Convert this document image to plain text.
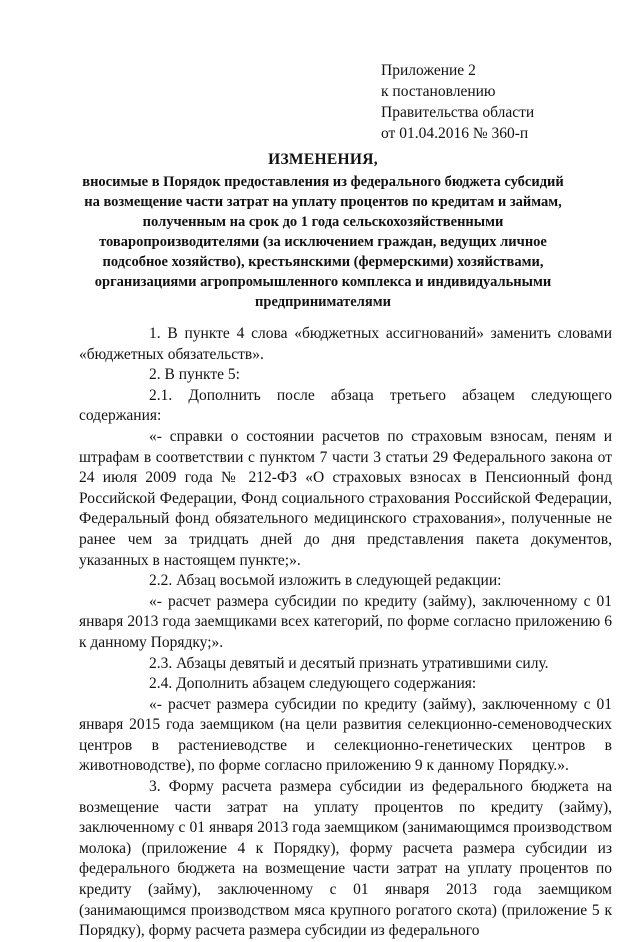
Приложение 2
к постановлению
Правительства области
от 01.04.2016 № 360-п
ИЗМЕНЕНИЯ,
вносимые в Порядок предоставления из федерального бюджета субсидий на возмещение части затрат на уплату процентов по кредитам и займам, полученным на срок до 1 года сельскохозяйственными товаропроизводителями (за исключением граждан, ведущих личное подсобное хозяйство), крестьянскими (фермерскими) хозяйствами, организациями агропромышленного комплекса и индивидуальными предпринимателями

1. В пункте 4 слова «бюджетных ассигнований» заменить словами «бюджетных обязательств».

2. В пункте 5:

2.1. Дополнить после абзаца третьего абзацем следующего содержания:

«- справки о состоянии расчетов по страховым взносам, пеням и штрафам в соответствии с пунктом 7 части 3 статьи 29 Федерального закона от 24 июля 2009 года № 212-ФЗ «О страховых взносах в Пенсионный фонд Российской Федерации, Фонд социального страхования Российской Федерации, Федеральный фонд обязательного медицинского страхования», полученные не ранее чем за тридцать дней до дня представления пакета документов, указанных в настоящем пункте;».

2.2. Абзац восьмой изложить в следующей редакции:

«- расчет размера субсидии по кредиту (займу), заключенному с 01 января 2013 года заемщиками всех категорий, по форме согласно приложению 6 к данному Порядку;».

2.3. Абзацы девятый и десятый признать утратившими силу.

2.4. Дополнить абзацем следующего содержания:

«- расчет размера субсидии по кредиту (займу), заключенному с 01 января 2015 года заемщиком (на цели развития селекционно-семеноводческих центров в растениеводстве и селекционно-генетических центров в животноводстве), по форме согласно приложению 9 к данному Порядку.».

3. Форму расчета размера субсидии из федерального бюджета на возмещение части затрат на уплату процентов по кредиту (займу), заключенному с 01 января 2013 года заемщиком (занимающимся производством молока) (приложение 4 к Порядку), форму расчета размера субсидии из федерального бюджета на возмещение части затрат на уплату процентов по кредиту (займу), заключенному с 01 января 2013 года заемщиком (занимающимся производством мяса крупного рогатого скота) (приложение 5 к Порядку), форму расчета размера субсидии из федерального
